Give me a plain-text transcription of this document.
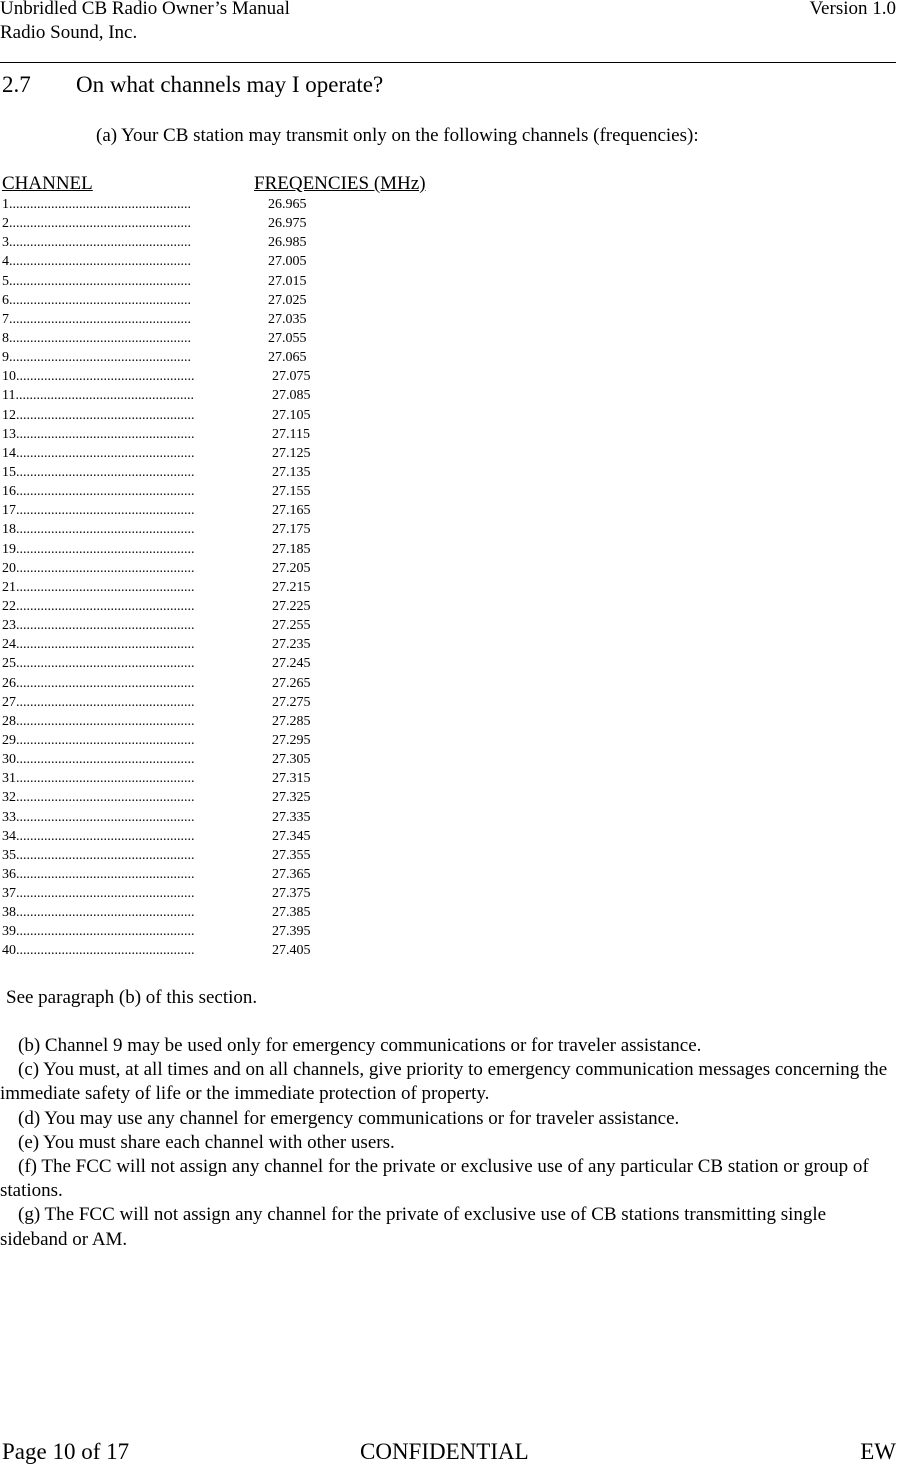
Unbridled CB Radio Owner’s Manual
Radio Sound, Inc.
Version 1.0
2.7 On what channels may I operate?
(a) Your CB station may transmit only on the following channels (frequencies):
CHANNEL	FREQENCIES (MHz)
1....................................................	26.965
2....................................................	26.975
3....................................................	26.985
4....................................................	27.005
5....................................................	27.015
6....................................................	27.025
7....................................................	27.035
8....................................................	27.055
9....................................................	27.065
10...................................................	27.075
11...................................................	27.085
12...................................................	27.105
13...................................................	27.115
14...................................................	27.125
15...................................................	27.135
16...................................................	27.155
17...................................................	27.165
18...................................................	27.175
19...................................................	27.185
20...................................................	27.205
21...................................................	27.215
22...................................................	27.225
23...................................................	27.255
24...................................................	27.235
25...................................................	27.245
26...................................................	27.265
27...................................................	27.275
28...................................................	27.285
29...................................................	27.295
30...................................................	27.305
31...................................................	27.315
32...................................................	27.325
33...................................................	27.335
34...................................................	27.345
35...................................................	27.355
36...................................................	27.365
37...................................................	27.375
38...................................................	27.385
39...................................................	27.395
40...................................................	27.405
See paragraph (b) of this section.

(b) Channel 9 may be used only for emergency communications or for traveler assistance.

(c) You must, at all times and on all channels, give priority to emergency communication messages concerning the immediate safety of life or the immediate protection of property.

(d) You may use any channel for emergency communications or for traveler assistance.

(e) You must share each channel with other users.

(f) The FCC will not assign any channel for the private or exclusive use of any particular CB station or group of stations.

(g) The FCC will not assign any channel for the private of exclusive use of CB stations transmitting single sideband or AM.

Page 10 of 17	CONFIDENTIAL	EW
